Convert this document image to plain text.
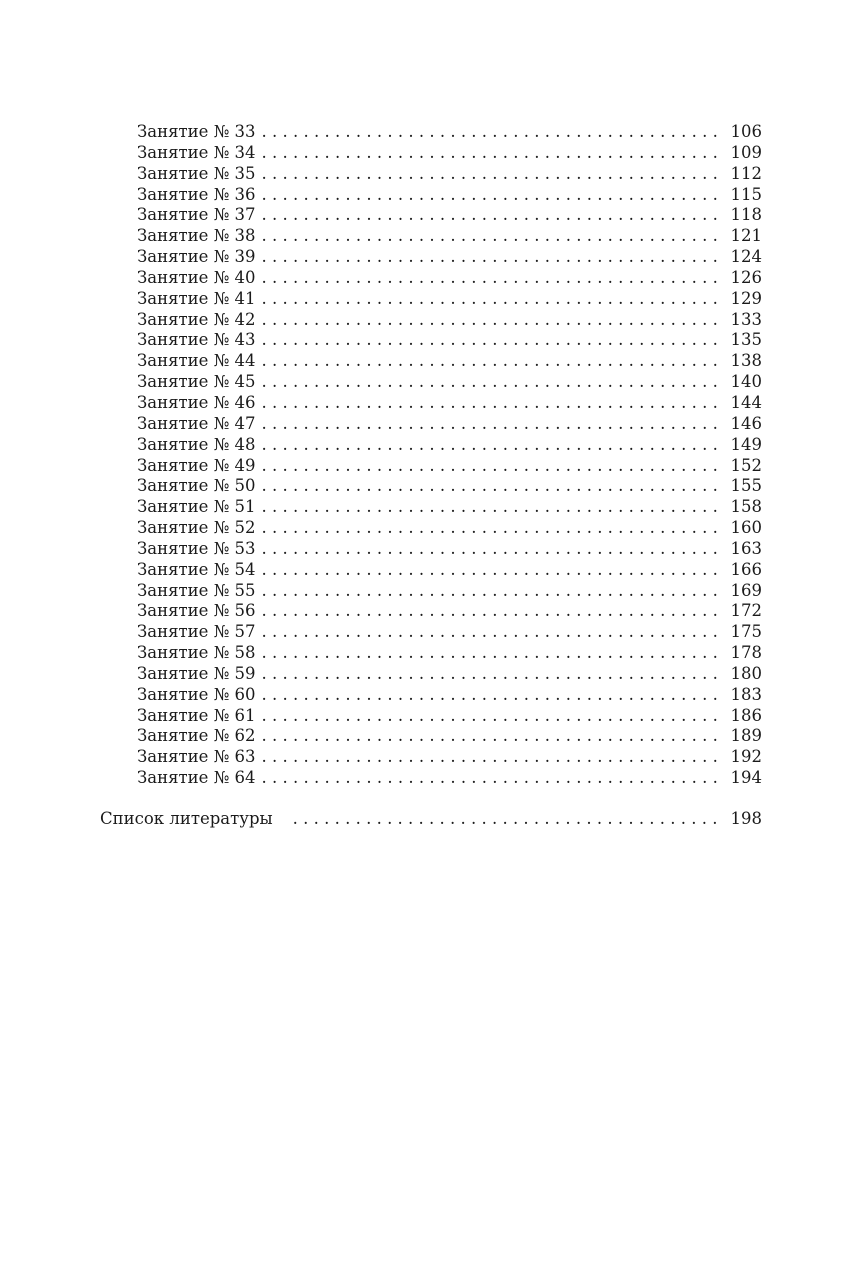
Занятие № 33 . . .	106
Занятие № 34 . . .	109
Занятие № 35 . . .	112
Занятие № 36 . . .	115
Занятие № 37 . . .	118
Занятие № 38 . . .	121
Занятие № 39 . . .	124
Занятие № 40 . . .	126
Занятие № 41 . . .	129
Занятие № 42 . . .	133
Занятие № 43 . . .	135
Занятие № 44 . . .	138
Занятие № 45 . . .	140
Занятие № 46 . . .	144
Занятие № 47 . . .	146
Занятие № 48 . . .	149
Занятие № 49 . . .	152
Занятие № 50 . . .	155
Занятие № 51 . . .	158
Занятие № 52 . . .	160
Занятие № 53 . . .	163
Занятие № 54 . . .	166
Занятие № 55 . . .	169
Занятие № 56 . . .	172
Занятие № 57 . . .	175
Занятие № 58 . . .	178
Занятие № 59 . . .	180
Занятие № 60 . . .	183
Занятие № 61 . . .	186
Занятие № 62 . . .	189
Занятие № 63 . . .	192
Занятие № 64 . . .	194
Список литературы . . .	198
